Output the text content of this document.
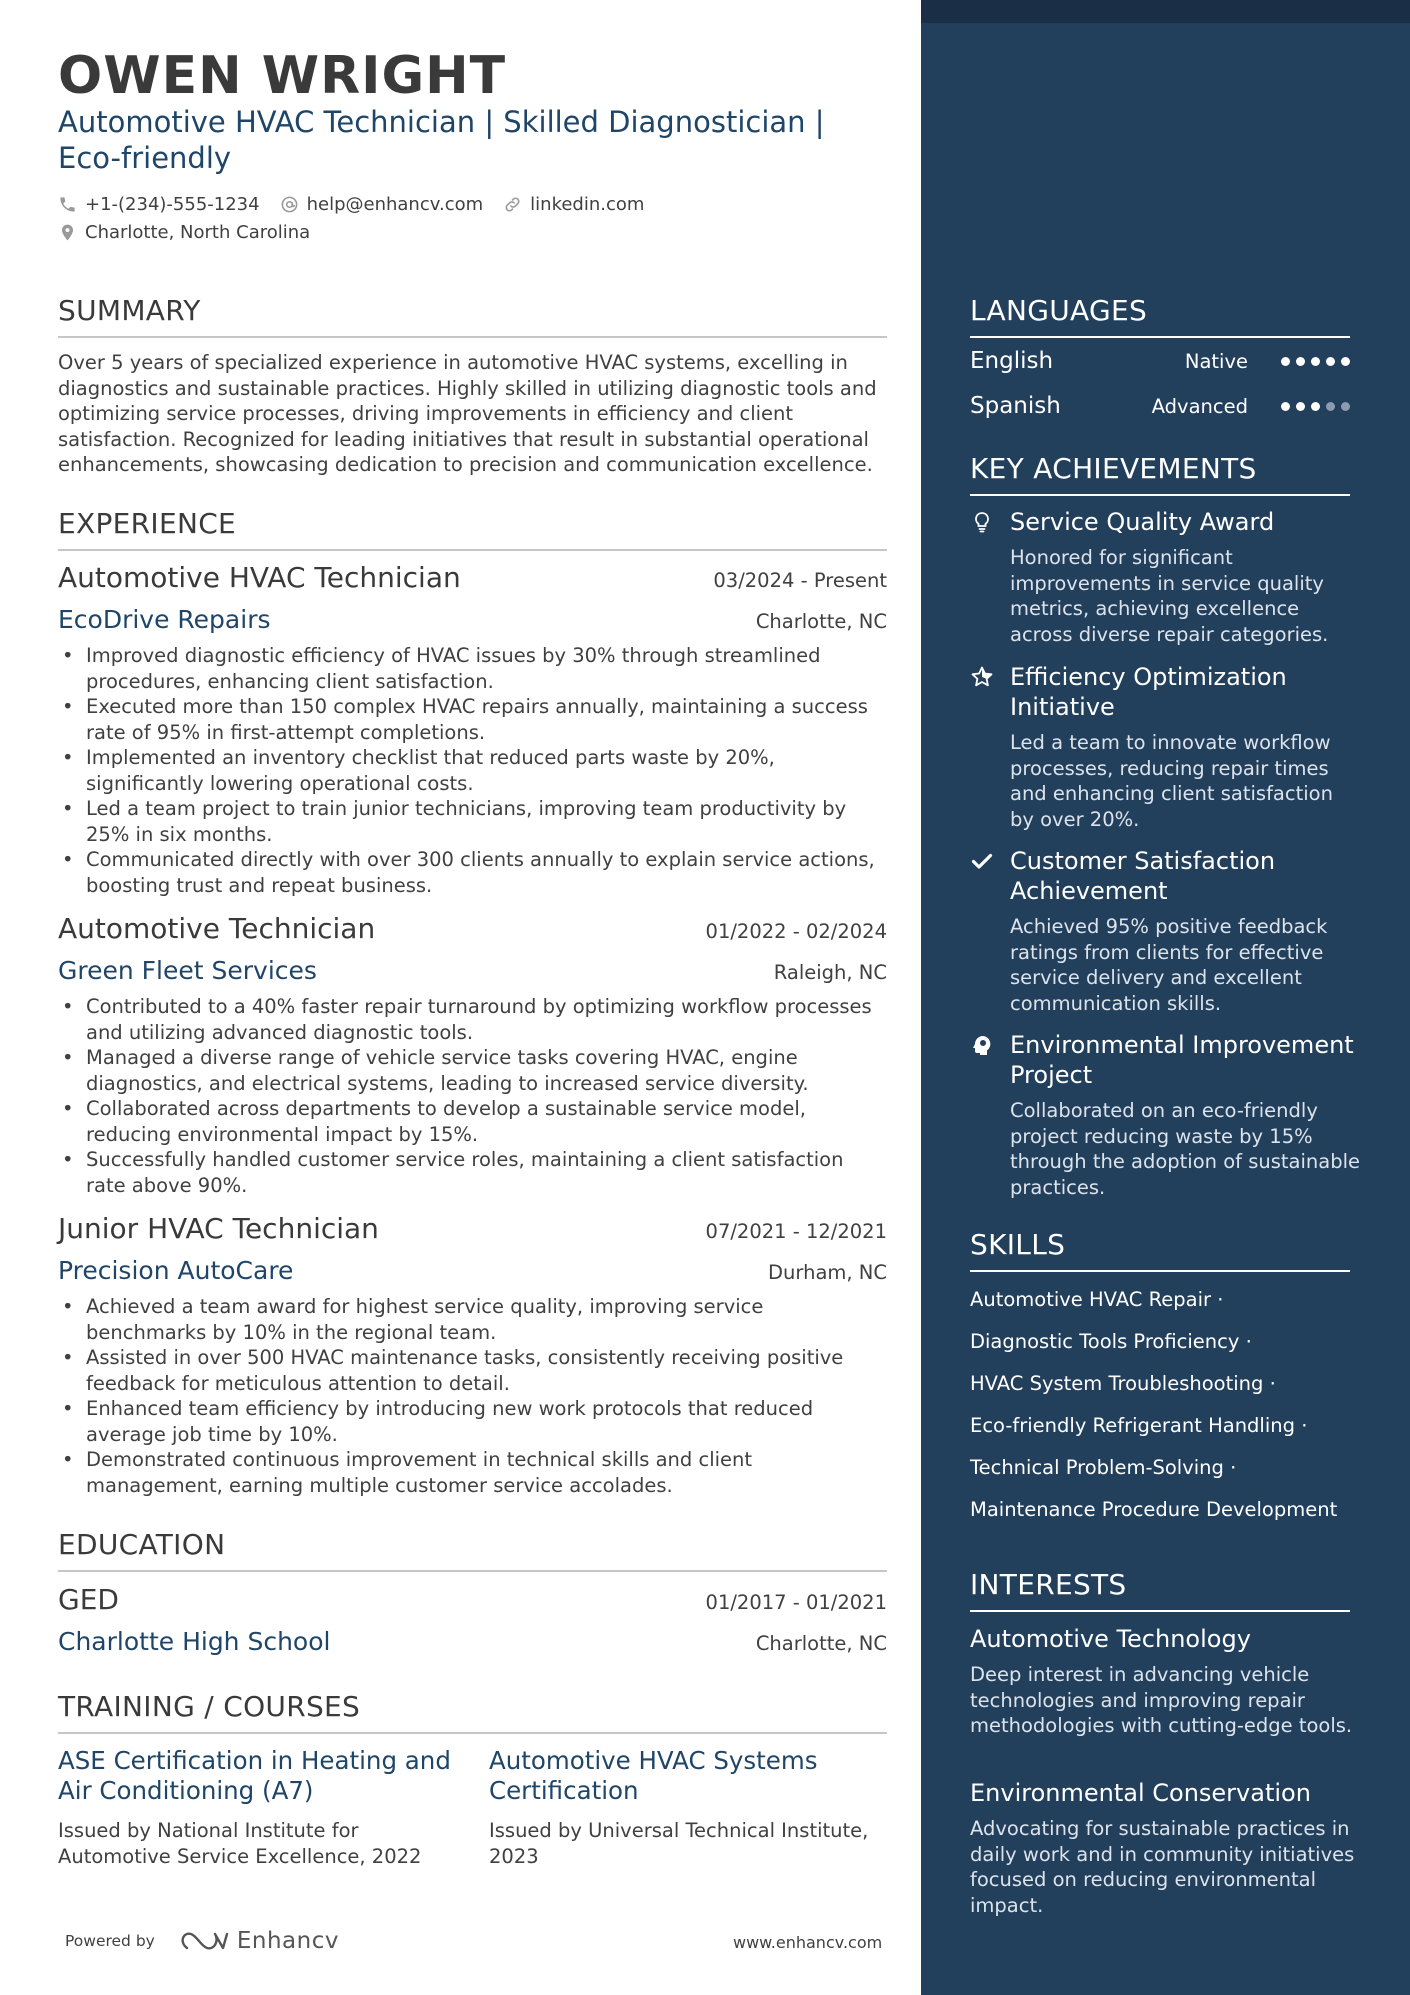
OWEN WRIGHT
Automotive HVAC Technician | Skilled Diagnostician |
Eco-friendly
+1-(234)-555-1234	help@enhancv.com	linkedin.com
Charlotte, North Carolina
SUMMARY
Over 5 years of specialized experience in automotive HVAC systems, excelling in diagnostics and sustainable practices. Highly skilled in utilizing diagnostic tools and optimizing service processes, driving improvements in efficiency and client satisfaction. Recognized for leading initiatives that result in substantial operational enhancements, showcasing dedication to precision and communication excellence.
EXPERIENCE
Automotive HVAC Technician	03/2024 - Present
EcoDrive Repairs	Charlotte, NC
• Improved diagnostic efficiency of HVAC issues by 30% through streamlined procedures, enhancing client satisfaction.
• Executed more than 150 complex HVAC repairs annually, maintaining a success rate of 95% in first-attempt completions.
• Implemented an inventory checklist that reduced parts waste by 20%, significantly lowering operational costs.
• Led a team project to train junior technicians, improving team productivity by 25% in six months.
• Communicated directly with over 300 clients annually to explain service actions, boosting trust and repeat business.
Automotive Technician	01/2022 - 02/2024
Green Fleet Services	Raleigh, NC
• Contributed to a 40% faster repair turnaround by optimizing workflow processes and utilizing advanced diagnostic tools.
• Managed a diverse range of vehicle service tasks covering HVAC, engine diagnostics, and electrical systems, leading to increased service diversity.
• Collaborated across departments to develop a sustainable service model, reducing environmental impact by 15%.
• Successfully handled customer service roles, maintaining a client satisfaction rate above 90%.
Junior HVAC Technician	07/2021 - 12/2021
Precision AutoCare	Durham, NC
• Achieved a team award for highest service quality, improving service benchmarks by 10% in the regional team.
• Assisted in over 500 HVAC maintenance tasks, consistently receiving positive feedback for meticulous attention to detail.
• Enhanced team efficiency by introducing new work protocols that reduced average job time by 10%.
• Demonstrated continuous improvement in technical skills and client management, earning multiple customer service accolades.
EDUCATION
GED	01/2017 - 01/2021
Charlotte High School	Charlotte, NC
TRAINING / COURSES
ASE Certification in Heating and Air Conditioning (A7)
Issued by National Institute for Automotive Service Excellence, 2022
Automotive HVAC Systems Certification
Issued by Universal Technical Institute, 2023
Powered by	Enhancv	www.enhancv.com
LANGUAGES
English	Native
Spanish	Advanced
KEY ACHIEVEMENTS
Service Quality Award
Honored for significant improvements in service quality metrics, achieving excellence across diverse repair categories.
Efficiency Optimization Initiative
Led a team to innovate workflow processes, reducing repair times and enhancing client satisfaction by over 20%.
Customer Satisfaction Achievement
Achieved 95% positive feedback ratings from clients for effective service delivery and excellent communication skills.
Environmental Improvement Project
Collaborated on an eco-friendly project reducing waste by 15% through the adoption of sustainable practices.
SKILLS
Automotive HVAC Repair ·
Diagnostic Tools Proficiency ·
HVAC System Troubleshooting ·
Eco-friendly Refrigerant Handling ·
Technical Problem-Solving ·
Maintenance Procedure Development
INTERESTS
Automotive Technology
Deep interest in advancing vehicle technologies and improving repair methodologies with cutting-edge tools.
Environmental Conservation
Advocating for sustainable practices in daily work and in community initiatives focused on reducing environmental impact.
